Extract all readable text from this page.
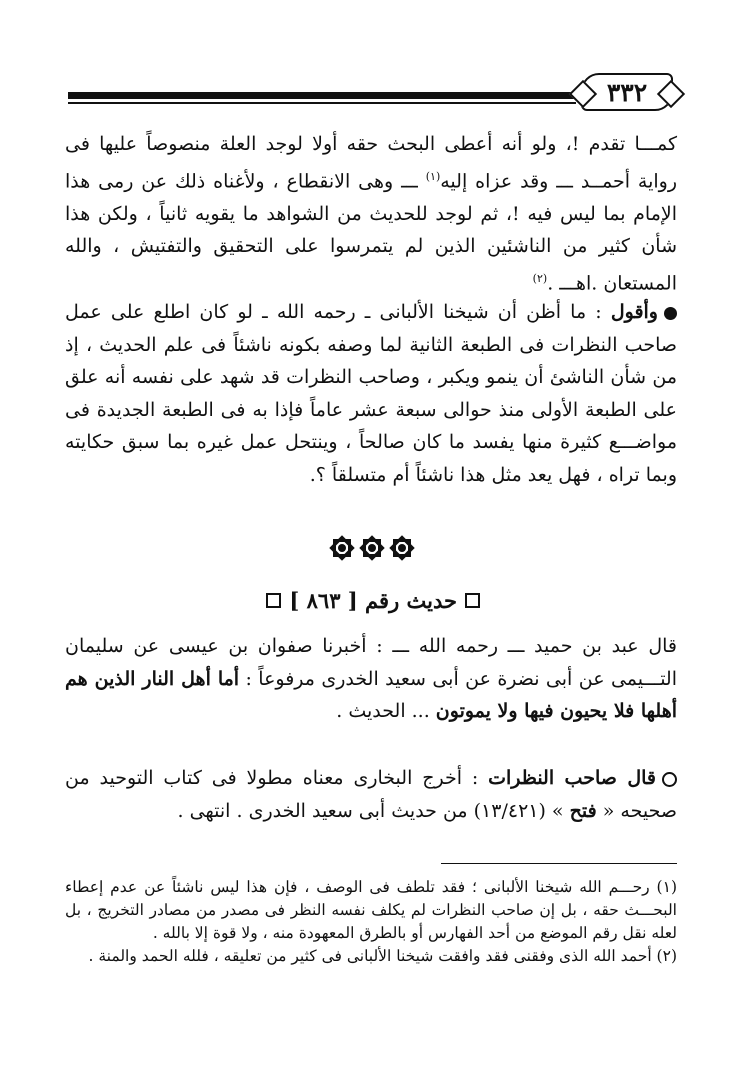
٣٣٢

كمـــا تقدم !، ولو أنه أعطى البحث حقه أولا لوجد العلة منصوصاً عليها فى رواية أحمــد ـــ وقد عزاه إليه$^{(١)}$ ـــ وهى الانقطاع ، ولأغناه ذلك عن رمى هذا الإمام بما ليس فيه !، ثم لوجد للحديث من الشواهد ما يقويه ثانياً ، ولكن هذا شأن كثير من الناشئين الذين لم يتمرسوا على التحقيق والتفتيش ، والله المستعان .اهـــ .$^{(٢)}$

وأقول : ما أظن أن شيخنا الألبانى ـ رحمه الله ـ لو كان اطلع على عمل صاحب النظرات فى الطبعة الثانية لما وصفه بكونه ناشئاً فى علم الحديث ، إذ من شأن الناشئ أن ينمو ويكبر ، وصاحب النظرات قد شهد على نفسه أنه علق على الطبعة الأولى منذ حوالى سبعة عشر عاماً فإذا به فى الطبعة الجديدة فى مواضـــع كثيرة منها يفسد ما كان صالحاً ، وينتحل عمل غيره بما سبق حكايته وبما تراه ، فهل يعد مثل هذا ناشئاً أم متسلقاً ؟.

حديث رقم [ ٨٦٣ ]

قال عبد بن حميد ـــ رحمه الله ـــ : أخبرنا صفوان بن عيسى عن سليمان التـــيمى عن أبى نضرة عن أبى سعيد الخدرى مرفوعاً : أما أهل النار الذين هم أهلها فلا يحيون فيها ولا يموتون ... الحديث .

قال صاحب النظرات : أخرج البخارى معناه مطولا فى كتاب التوحيد من صحيحه « فتح » (١٣/٤٢١) من حديث أبى سعيد الخدرى . انتهى .

(١) رحـــم الله شيخنا الألبانى ؛ فقد تلطف فى الوصف ، فإن هذا ليس ناشئاً عن عدم إعطاء البحـــث حقه ، بل إن صاحب النظرات لم يكلف نفسه النظر فى مصدر من مصادر التخريج ، بل لعله نقل رقم الموضع من أحد الفهارس أو بالطرق المعهودة منه ، ولا قوة إلا بالله .

(٢) أحمد الله الذى وفقنى فقد وافقت شيخنا الألبانى فى كثير من تعليقه ، فلله الحمد والمنة .
